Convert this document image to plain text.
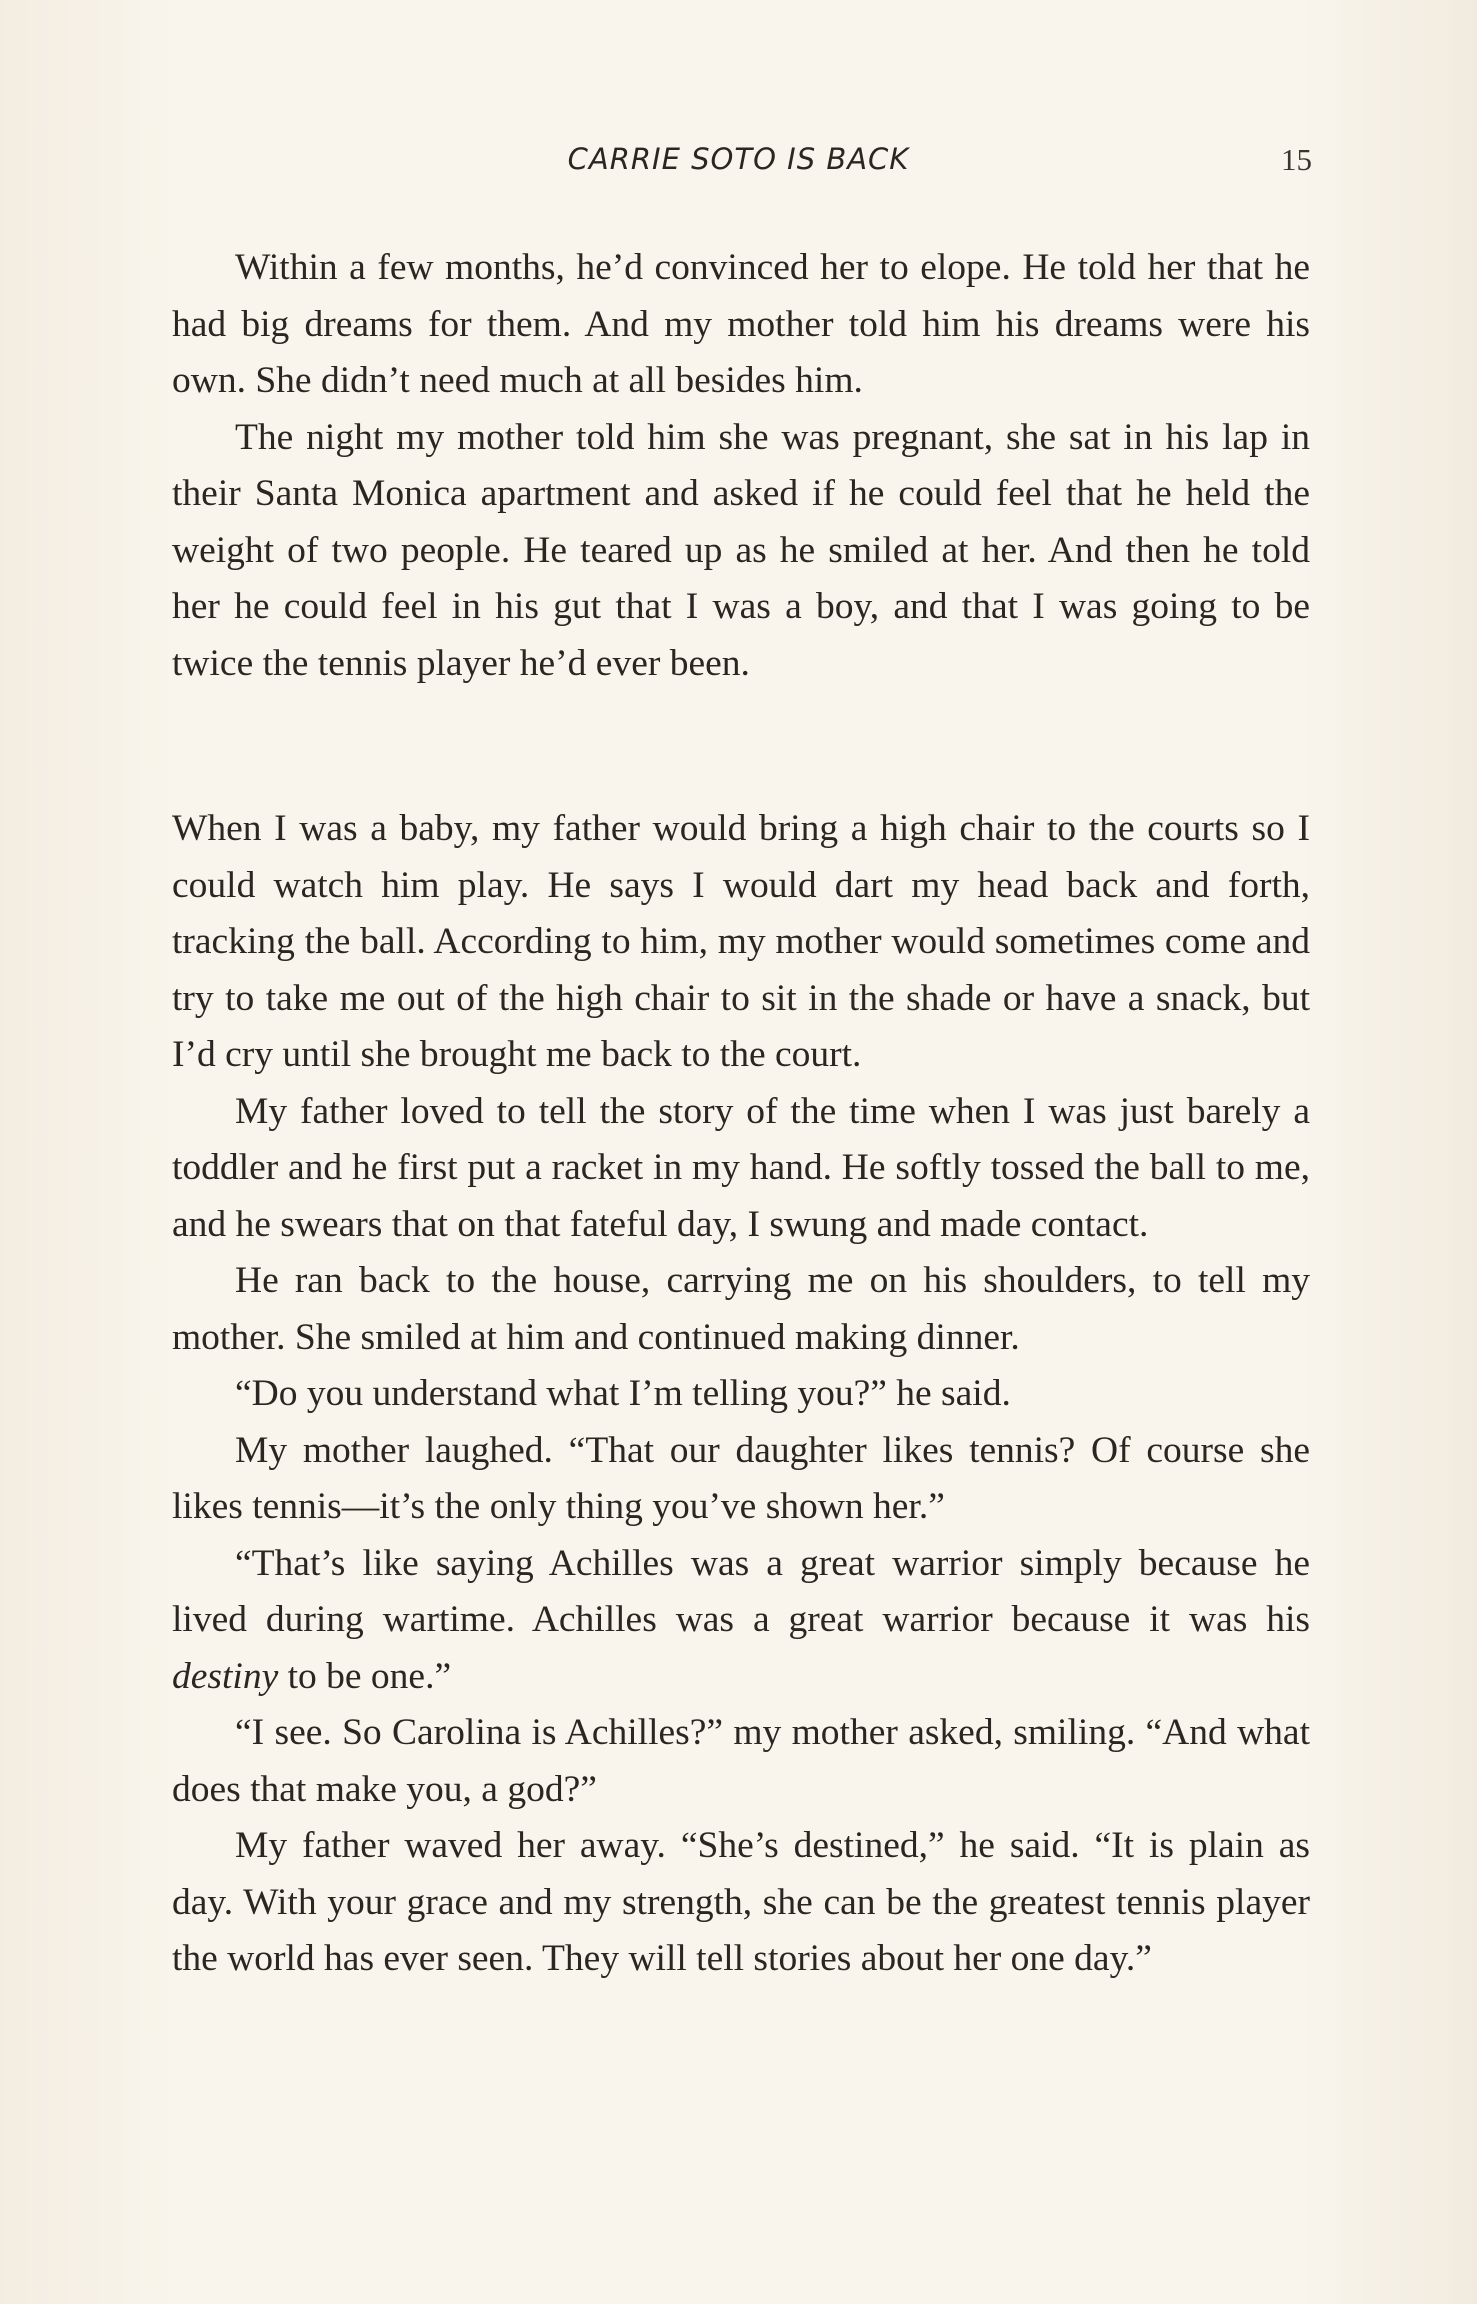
CARRIE SOTO IS BACK	15

Within a few months, he’d convinced her to elope. He told her that he had big dreams for them. And my mother told him his dreams were his own. She didn’t need much at all besides him.

The night my mother told him she was pregnant, she sat in his lap in their Santa Monica apartment and asked if he could feel that he held the weight of two people. He teared up as he smiled at her. And then he told her he could feel in his gut that I was a boy, and that I was going to be twice the tennis player he’d ever been.

When I was a baby, my father would bring a high chair to the courts so I could watch him play. He says I would dart my head back and forth, tracking the ball. According to him, my mother would sometimes come and try to take me out of the high chair to sit in the shade or have a snack, but I’d cry until she brought me back to the court.

My father loved to tell the story of the time when I was just barely a toddler and he first put a racket in my hand. He softly tossed the ball to me, and he swears that on that fateful day, I swung and made contact.

He ran back to the house, carrying me on his shoulders, to tell my mother. She smiled at him and continued making dinner.

“Do you understand what I’m telling you?” he said.

My mother laughed. “That our daughter likes tennis? Of course she likes tennis—it’s the only thing you’ve shown her.”

“That’s like saying Achilles was a great warrior simply because he lived during wartime. Achilles was a great warrior because it was his destiny to be one.”

“I see. So Carolina is Achilles?” my mother asked, smiling. “And what does that make you, a god?”

My father waved her away. “She’s destined,” he said. “It is plain as day. With your grace and my strength, she can be the greatest tennis player the world has ever seen. They will tell stories about her one day.”
